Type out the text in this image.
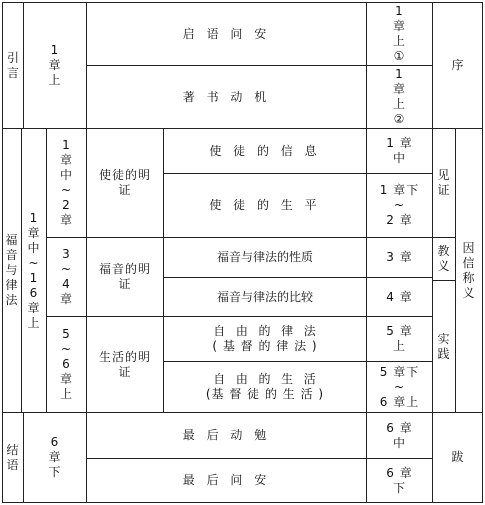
引言
1
章
上
启 语 问 安
著 书 动 机
1
章
上
①
1
章
上
②
序
福
音
与
律
法
1
章
中
~
1
6
章
上
1
章
中
~
2
章
3
~
4
章
5
~
6
章
上
使徒的明
证
福音的明
证
生活的明
证
使 徒 的 信 息
使 徒 的 生 平
福音与律法的性质
福音与律法的比较
自  由  的  律  法
( 基 督 的 律 法 )
自  由  的  生  活
(基 督 徒 的 生 活 )
1 章
中
1 章下
~
2 章
3 章
4 章
5 章
上
5 章下
~
6 章上
见
证
教
义
实
践
因
信
称
义
结
语
6
章
下
最 后 动 勉
最 后 问 安
6 章
中
6 章
下
跋
